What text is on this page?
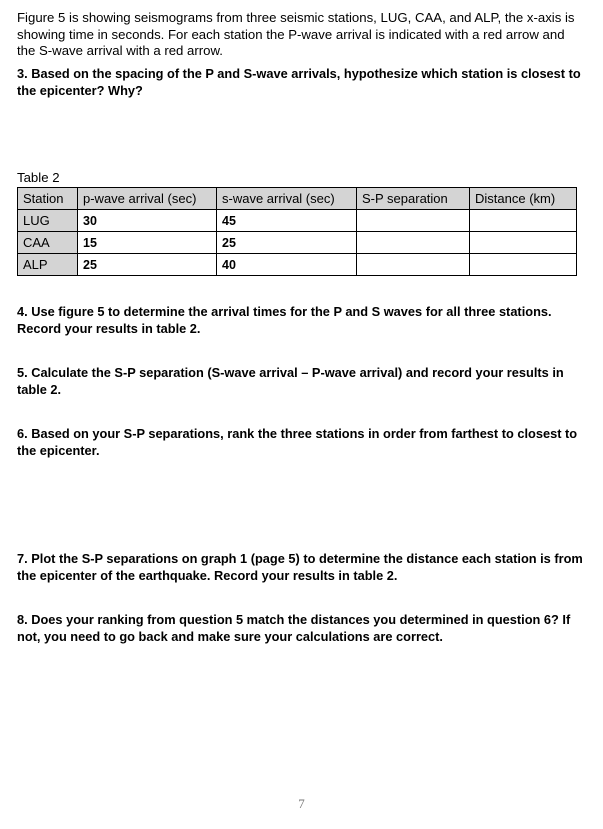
Figure 5 is showing seismograms from three seismic stations, LUG, CAA, and ALP, the x-axis is showing time in seconds. For each station the P-wave arrival is indicated with a red arrow and the S-wave arrival with a red arrow.
3. Based on the spacing of the P and S-wave arrivals, hypothesize which station is closest to the epicenter? Why?
Table 2
Station	p-wave arrival (sec)	s-wave arrival (sec)	S-P separation	Distance (km)
LUG	30	45		
CAA	15	25		
ALP	25	40		
4. Use figure 5 to determine the arrival times for the P and S waves for all three stations. Record your results in table 2.
5. Calculate the S-P separation (S-wave arrival – P-wave arrival) and record your results in table 2.
6. Based on your S-P separations, rank the three stations in order from farthest to closest to the epicenter.
7. Plot the S-P separations on graph 1 (page 5) to determine the distance each station is from the epicenter of the earthquake. Record your results in table 2.
8. Does your ranking from question 5 match the distances you determined in question 6? If not, you need to go back and make sure your calculations are correct.
7
